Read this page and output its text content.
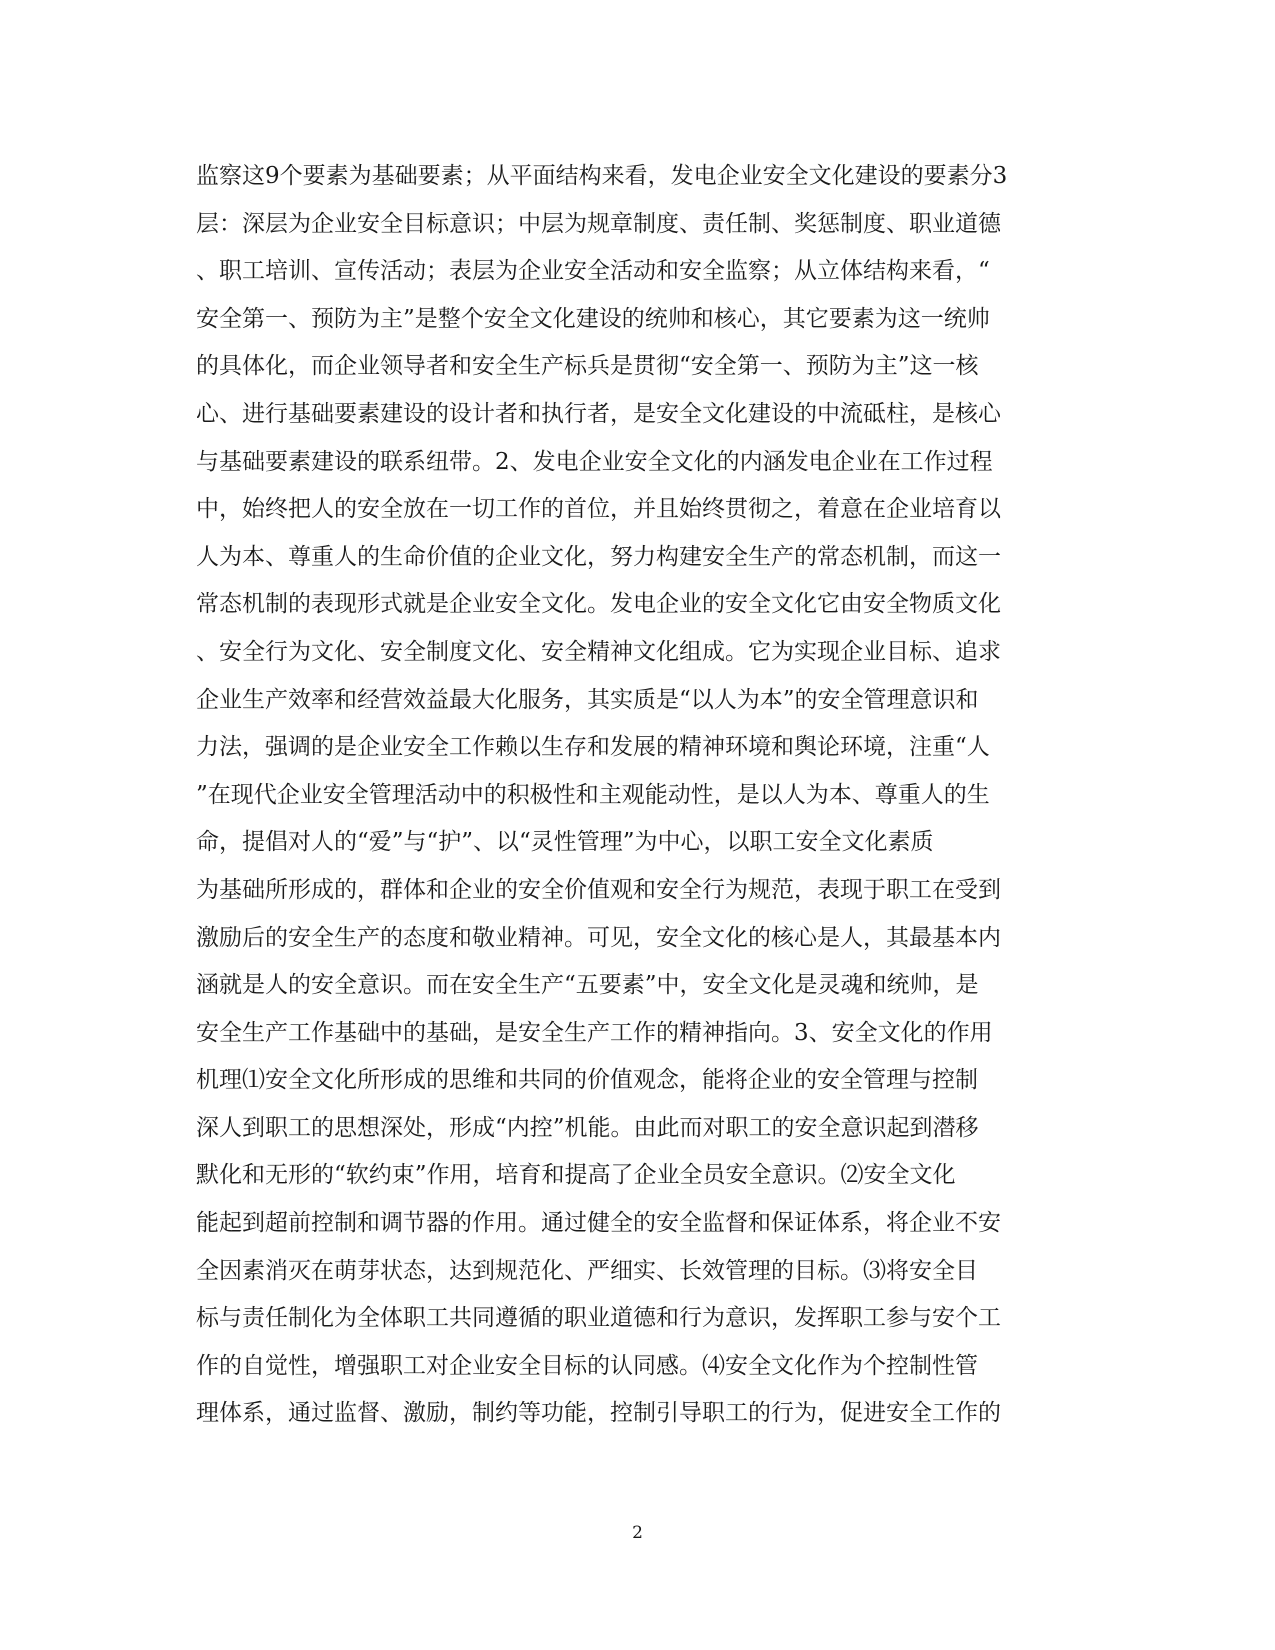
监察这9个要素为基础要素；从平面结构来看，发电企业安全文化建设的要素分3
层：深层为企业安全目标意识；中层为规章制度、责任制、奖惩制度、职业道德
、职工培训、宣传活动；表层为企业安全活动和安全监察；从立体结构来看，“
安全第一、预防为主”是整个安全文化建设的统帅和核心，其它要素为这一统帅
的具体化，而企业领导者和安全生产标兵是贯彻“安全第一、预防为主”这一核
心、进行基础要素建设的设计者和执行者，是安全文化建设的中流砥柱，是核心
与基础要素建设的联系纽带。2、发电企业安全文化的内涵发电企业在工作过程
中，始终把人的安全放在一切工作的首位，并且始终贯彻之，着意在企业培育以
人为本、尊重人的生命价值的企业文化，努力构建安全生产的常态机制，而这一
常态机制的表现形式就是企业安全文化。发电企业的安全文化它由安全物质文化
、安全行为文化、安全制度文化、安全精神文化组成。它为实现企业目标、追求
企业生产效率和经营效益最大化服务，其实质是“以人为本”的安全管理意识和
力法，强调的是企业安全工作赖以生存和发展的精神环境和舆论环境，注重“人
”在现代企业安全管理活动中的积极性和主观能动性，是以人为本、尊重人的生
命，提倡对人的“爱”与“护”、以“灵性管理”为中心，以职工安全文化素质
为基础所形成的，群体和企业的安全价值观和安全行为规范，表现于职工在受到
激励后的安全生产的态度和敬业精神。可见，安全文化的核心是人，其最基本内
涵就是人的安全意识。而在安全生产“五要素”中，安全文化是灵魂和统帅，是
安全生产工作基础中的基础，是安全生产工作的精神指向。3、安全文化的作用
机理⑴安全文化所形成的思维和共同的价值观念，能将企业的安全管理与控制
深人到职工的思想深处，形成“内控”机能。由此而对职工的安全意识起到潜移
默化和无形的“软约束”作用，培育和提高了企业全员安全意识。⑵安全文化
能起到超前控制和调节器的作用。通过健全的安全监督和保证体系，将企业不安
全因素消灭在萌芽状态，达到规范化、严细实、长效管理的目标。⑶将安全目
标与责任制化为全体职工共同遵循的职业道德和行为意识，发挥职工参与安个工
作的自觉性，增强职工对企业安全目标的认同感。⑷安全文化作为个控制性管
理体系，通过监督、激励，制约等功能，控制引导职工的行为，促进安全工作的
2
